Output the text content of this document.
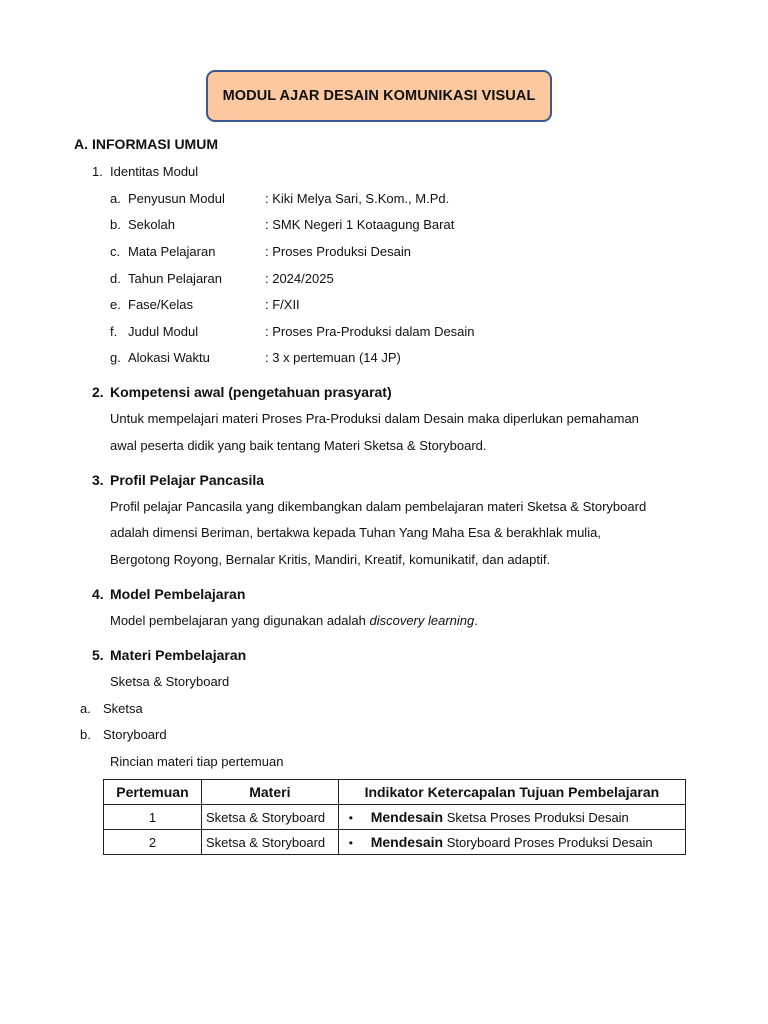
MODUL AJAR DESAIN KOMUNIKASI VISUAL
A. INFORMASI UMUM
1. Identitas Modul
a. Penyusun Modul	: Kiki Melya Sari, S.Kom., M.Pd.
b. Sekolah	: SMK Negeri 1 Kotaagung Barat
c. Mata Pelajaran	: Proses Produksi Desain
d. Tahun Pelajaran	: 2024/2025
e. Fase/Kelas	: F/XII
f. Judul Modul	: Proses Pra-Produksi dalam Desain
g. Alokasi Waktu	: 3 x pertemuan (14 JP)
2. Kompetensi awal (pengetahuan prasyarat)
Untuk mempelajari materi Proses Pra-Produksi dalam Desain maka diperlukan pemahaman
awal peserta didik yang baik tentang Materi Sketsa & Storyboard.
3. Profil Pelajar Pancasila
Profil pelajar Pancasila yang dikembangkan dalam pembelajaran materi Sketsa & Storyboard
adalah dimensi Beriman, bertakwa kepada Tuhan Yang Maha Esa & berakhlak mulia,
Bergotong Royong, Bernalar Kritis, Mandiri, Kreatif, komunikatif, dan adaptif.
4. Model Pembelajaran
Model pembelajaran yang digunakan adalah discovery learning.
5. Materi Pembelajaran
Sketsa & Storyboard
a. Sketsa
b. Storyboard
Rincian materi tiap pertemuan
Pertemuan	Materi	Indikator Ketercapalan Tujuan Pembelajaran
1	Sketsa & Storyboard	• Mendesain Sketsa Proses Produksi Desain
2	Sketsa & Storyboard	• Mendesain Storyboard Proses Produksi Desain
